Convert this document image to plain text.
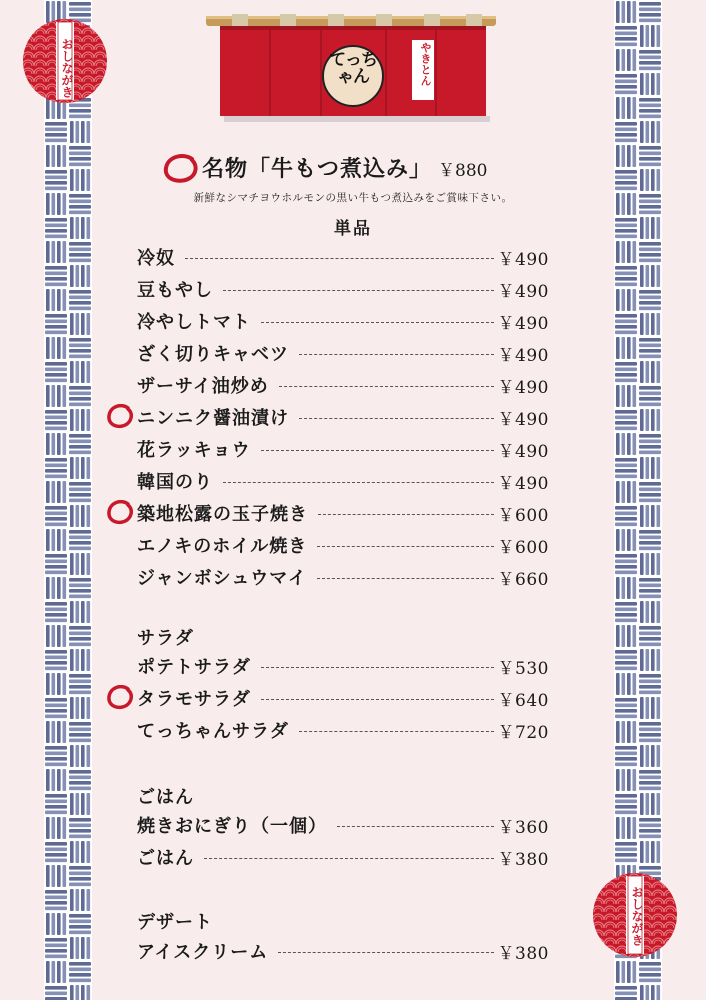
おしながき
おしながき
てっちゃん	やきとん
名物「牛もつ煮込み」 ￥880
新鮮なシマチヨウホルモンの黒い牛もつ煮込みをご賞味下さい。
単品
冷奴	￥490
豆もやし	￥490
冷やしトマト	￥490
ざく切りキャベツ	￥490
ザーサイ油炒め	￥490
ニンニク醤油漬け	￥490
花ラッキョウ	￥490
韓国のり	￥490
築地松露の玉子焼き	￥600
エノキのホイル焼き	￥600
ジャンボシュウマイ	￥660
サラダ
ポテトサラダ	￥530
タラモサラダ	￥640
てっちゃんサラダ	￥720
ごはん
焼きおにぎり（一個）	￥360
ごはん	￥380
デザート
アイスクリーム	￥380
